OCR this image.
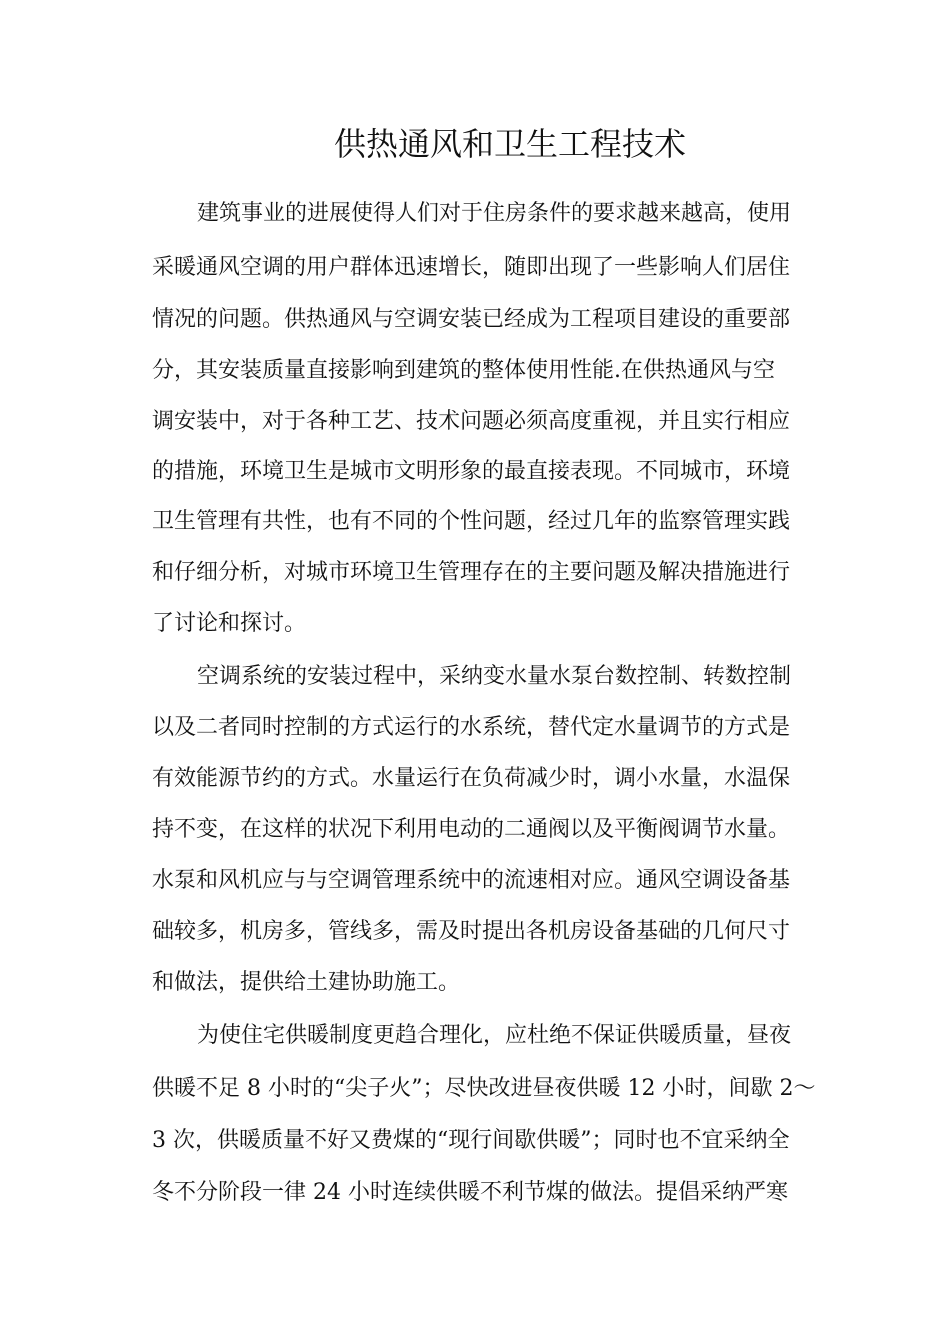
供热通风和卫生工程技术

建筑事业的进展使得人们对于住房条件的要求越来越高，使用

采暖通风空调的用户群体迅速增长，随即出现了一些影响人们居住

情况的问题。供热通风与空调安装已经成为工程项目建设的重要部

分，其安装质量直接影响到建筑的整体使用性能.在供热通风与空

调安装中，对于各种工艺、技术问题必须高度重视，并且实行相应

的措施，环境卫生是城市文明形象的最直接表现。不同城市，环境

卫生管理有共性，也有不同的个性问题，经过几年的监察管理实践

和仔细分析，对城市环境卫生管理存在的主要问题及解决措施进行

了讨论和探讨。

空调系统的安装过程中，采纳变水量水泵台数控制、转数控制

以及二者同时控制的方式运行的水系统，替代定水量调节的方式是

有效能源节约的方式。水量运行在负荷减少时，调小水量，水温保

持不变，在这样的状况下利用电动的二通阀以及平衡阀调节水量。

水泵和风机应与与空调管理系统中的流速相对应。通风空调设备基

础较多，机房多，管线多，需及时提出各机房设备基础的几何尺寸

和做法，提供给土建协助施工。

为使住宅供暖制度更趋合理化，应杜绝不保证供暖质量，昼夜

供暖不足 8 小时的“尖子火”；尽快改进昼夜供暖 12 小时，间歇 2～

3 次，供暖质量不好又费煤的“现行间歇供暖”；同时也不宜采纳全

冬不分阶段一律 24 小时连续供暖不利节煤的做法。提倡采纳严寒
